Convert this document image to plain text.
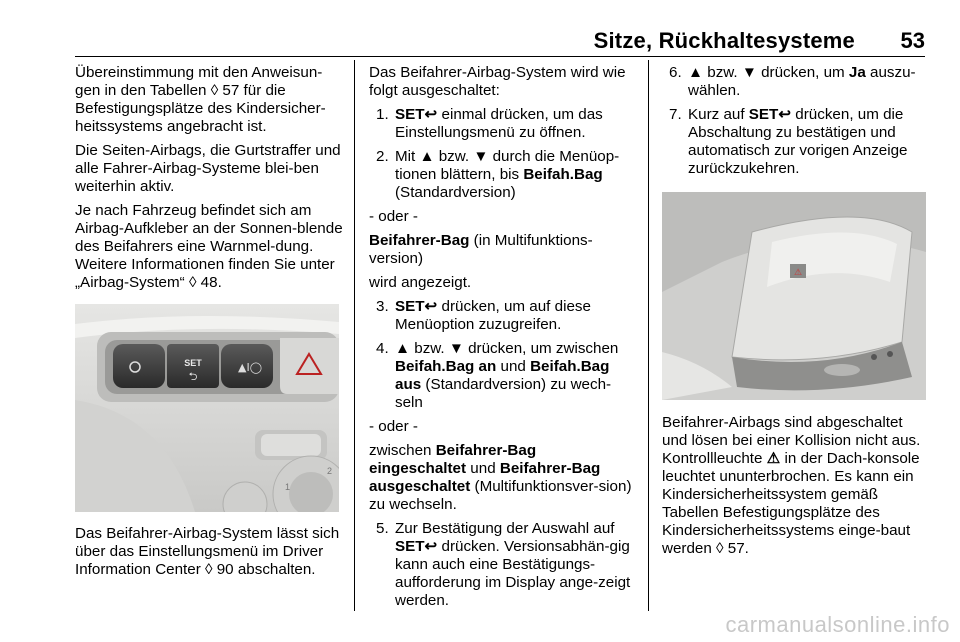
Sitze, Rückhaltesysteme 53

Übereinstimmung mit den Anweisun-gen in den Tabellen ◊ 57 für die Befestigungsplätze des Kindersicher-heitssystems angebracht ist.

Die Seiten-Airbags, die Gurtstraffer und alle Fahrer-Airbag-Systeme blei-ben weiterhin aktiv.

Je nach Fahrzeug befindet sich am Airbag-Aufkleber an der Sonnen-blende des Beifahrers eine Warnmel-dung. Weitere Informationen finden Sie unter „Airbag-System“ ◊ 48.

SET
⮌
▲I◯
2
1

Das Beifahrer-Airbag-System lässt sich über das Einstellungsmenü im Driver Information Center ◊ 90 abschalten.

Das Beifahrer-Airbag-System wird wie folgt ausgeschaltet:

1. SET↩ einmal drücken, um das Einstellungsmenü zu öffnen.
2. Mit ▲ bzw. ▼ durch die Menüop-tionen blättern, bis Beifah.Bag (Standardversion)

- oder -

Beifahrer-Bag (in Multifunktions-version)

wird angezeigt.

3. SET↩ drücken, um auf diese Menüoption zuzugreifen.
4. ▲ bzw. ▼ drücken, um zwischen Beifah.Bag an und Beifah.Bag aus (Standardversion) zu wech-seln

- oder -

zwischen Beifahrer-Bag eingeschaltet und Beifahrer-Bag ausgeschaltet (Multifunktionsver-sion) zu wechseln.

5. Zur Bestätigung der Auswahl auf SET↩ drücken. Versionsabhän-gig kann auch eine Bestätigungs-aufforderung im Display ange-zeigt werden.
6. ▲ bzw. ▼ drücken, um Ja auszu-wählen.
7. Kurz auf SET↩ drücken, um die Abschaltung zu bestätigen und automatisch zur vorigen Anzeige zurückzukehren.
⚠

Beifahrer-Airbags sind abgeschaltet und lösen bei einer Kollision nicht aus. Kontrollleuchte ⚠ in der Dach-konsole leuchtet ununterbrochen. Es kann ein Kindersicherheitssystem gemäß Tabellen Befestigungsplätze des Kindersicherheitssystems einge-baut werden ◊ 57.

carmanualsonline.info
